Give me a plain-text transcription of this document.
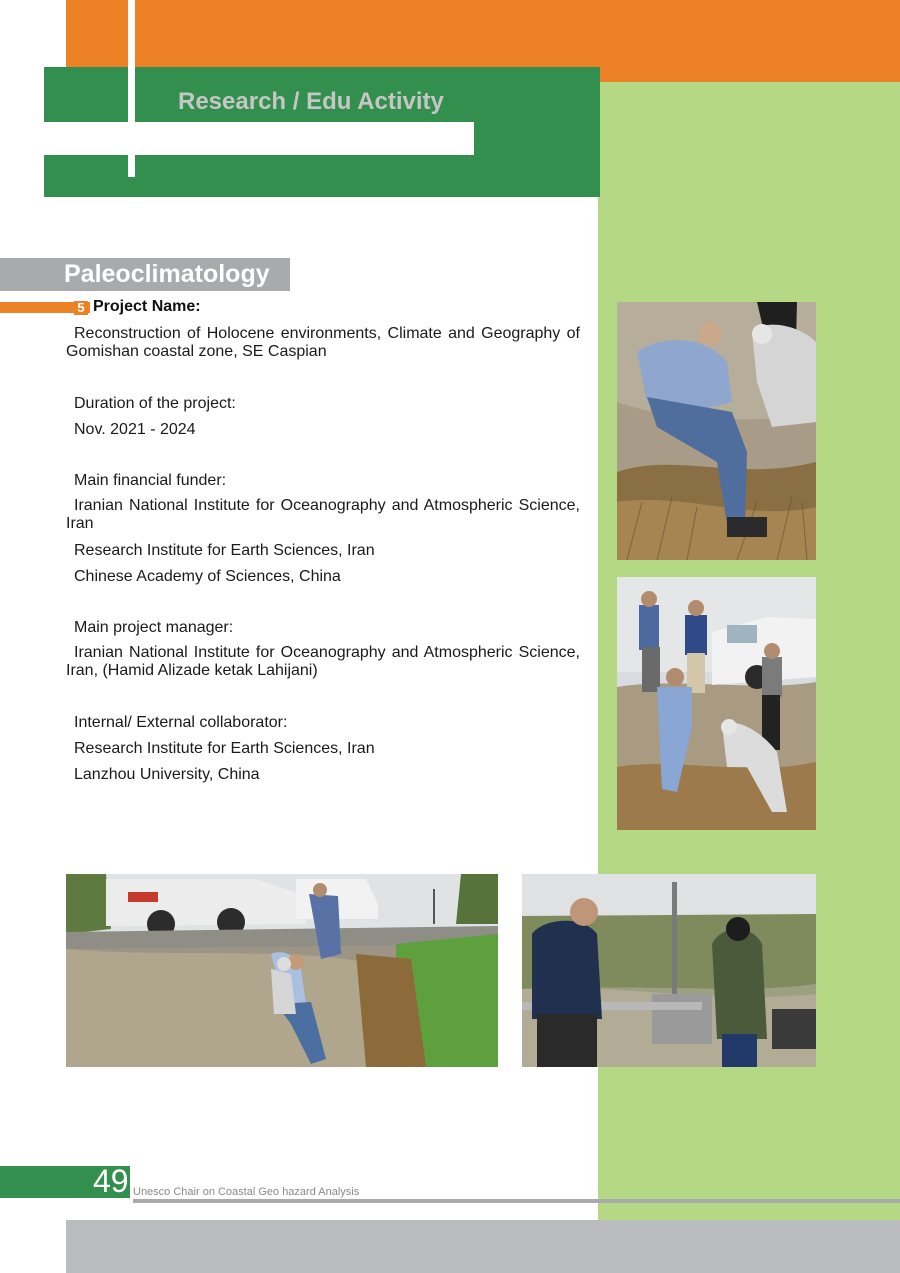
Research / Edu Activity
Paleoclimatology
5 Project Name:
Reconstruction of Holocene environments, Climate and Geography of Gomishan coastal zone, SE Caspian
Duration of the project:
Nov. 2021 - 2024
Main financial funder:
Iranian National Institute for Oceanography and Atmospheric Science, Iran
Research Institute for Earth Sciences, Iran
Chinese Academy of Sciences, China
Main project manager:
Iranian National Institute for Oceanography and Atmospheric Science, Iran, (Hamid Alizade ketak Lahijani)
Internal/ External collaborator:
Research Institute for Earth Sciences, Iran
Lanzhou University, China
49 Unesco Chair on Coastal Geo hazard Analysis
